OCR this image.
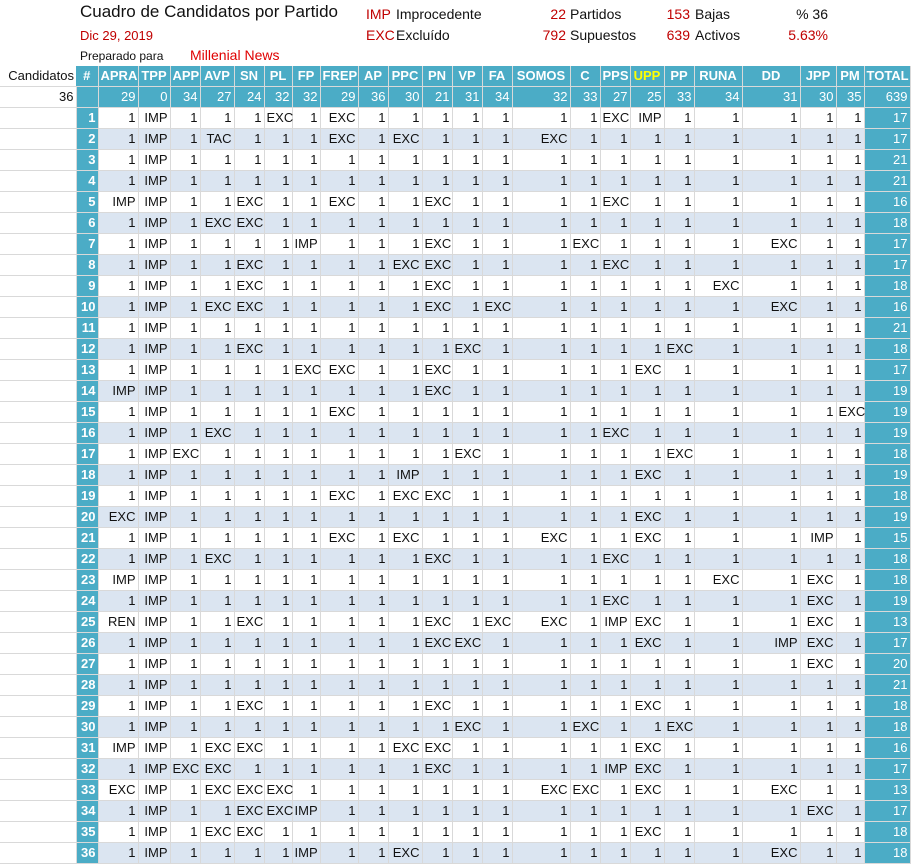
Cuadro de Candidatos por Partido
Dic 29, 2019
Preparado para Millenial News
IMP Improcedente
EXC Excluído
22 Partidos
792 Supuestos
153 Bajas
639 Activos
% 36
5.63%
Candidatos	#	APRA	TPP	APP	AVP	SN	PL	FP	FREP	AP	PPC	PN	VP	FA	SOMOS	C	PPS	UPP	PP	RUNA	DD	JPP	PM	TOTAL
36		29	0	34	27	24	32	32	29	36	30	21	31	34	32	33	27	25	33	34	31	30	35	639
	1	1	IMP	1	1	1	EXC	1	EXC	1	1	1	1	1	1	1	EXC	IMP	1	1	1	1	1	17
	2	1	IMP	1	TAC	1	1	1	EXC	1	EXC	1	1	1	EXC	1	1	1	1	1	1	1	1	17
	3	1	IMP	1	1	1	1	1	1	1	1	1	1	1	1	1	1	1	1	1	1	1	1	21
	4	1	IMP	1	1	1	1	1	1	1	1	1	1	1	1	1	1	1	1	1	1	1	1	21
	5	IMP	IMP	1	1	EXC	1	1	EXC	1	1	EXC	1	1	1	1	EXC	1	1	1	1	1	1	16
	6	1	IMP	1	EXC	EXC	1	1	1	1	1	1	1	1	1	1	1	1	1	1	1	1	1	18
	7	1	IMP	1	1	1	1	IMP	1	1	1	EXC	1	1	1	EXC	1	1	1	1	EXC	1	1	17
	8	1	IMP	1	1	EXC	1	1	1	1	EXC	EXC	1	1	1	1	EXC	1	1	1	1	1	1	17
	9	1	IMP	1	1	EXC	1	1	1	1	1	EXC	1	1	1	1	1	1	1	EXC	1	1	1	18
	10	1	IMP	1	EXC	EXC	1	1	1	1	1	EXC	1	EXC	1	1	1	1	1	1	EXC	1	1	16
	11	1	IMP	1	1	1	1	1	1	1	1	1	1	1	1	1	1	1	1	1	1	1	1	21
	12	1	IMP	1	1	EXC	1	1	1	1	1	1	EXC	1	1	1	1	1	EXC	1	1	1	1	18
	13	1	IMP	1	1	1	1	EXC	EXC	1	1	EXC	1	1	1	1	1	EXC	1	1	1	1	1	17
	14	IMP	IMP	1	1	1	1	1	1	1	1	EXC	1	1	1	1	1	1	1	1	1	1	1	19
	15	1	IMP	1	1	1	1	1	EXC	1	1	1	1	1	1	1	1	1	1	1	1	1	EXC	19
	16	1	IMP	1	EXC	1	1	1	1	1	1	1	1	1	1	1	EXC	1	1	1	1	1	1	19
	17	1	IMP	EXC	1	1	1	1	1	1	1	1	EXC	1	1	1	1	1	EXC	1	1	1	1	18
	18	1	IMP	1	1	1	1	1	1	1	IMP	1	1	1	1	1	1	EXC	1	1	1	1	1	19
	19	1	IMP	1	1	1	1	1	EXC	1	EXC	EXC	1	1	1	1	1	1	1	1	1	1	1	18
	20	EXC	IMP	1	1	1	1	1	1	1	1	1	1	1	1	1	1	EXC	1	1	1	1	1	19
	21	1	IMP	1	1	1	1	1	EXC	1	EXC	1	1	1	EXC	1	1	EXC	1	1	1	IMP	1	15
	22	1	IMP	1	EXC	1	1	1	1	1	1	EXC	1	1	1	1	EXC	1	1	1	1	1	1	18
	23	IMP	IMP	1	1	1	1	1	1	1	1	1	1	1	1	1	1	1	1	EXC	1	EXC	1	18
	24	1	IMP	1	1	1	1	1	1	1	1	1	1	1	1	1	EXC	1	1	1	1	EXC	1	19
	25	REN	IMP	1	1	EXC	1	1	1	1	1	EXC	1	EXC	EXC	1	IMP	EXC	1	1	1	EXC	1	13
	26	1	IMP	1	1	1	1	1	1	1	1	EXC	EXC	1	1	1	1	EXC	1	1	IMP	EXC	1	17
	27	1	IMP	1	1	1	1	1	1	1	1	1	1	1	1	1	1	1	1	1	1	EXC	1	20
	28	1	IMP	1	1	1	1	1	1	1	1	1	1	1	1	1	1	1	1	1	1	1	1	21
	29	1	IMP	1	1	EXC	1	1	1	1	1	EXC	1	1	1	1	1	EXC	1	1	1	1	1	18
	30	1	IMP	1	1	1	1	1	1	1	1	1	EXC	1	1	EXC	1	1	EXC	1	1	1	1	18
	31	IMP	IMP	1	EXC	EXC	1	1	1	1	EXC	EXC	1	1	1	1	1	EXC	1	1	1	1	1	16
	32	1	IMP	EXC	EXC	1	1	1	1	1	1	EXC	1	1	1	1	IMP	EXC	1	1	1	1	1	17
	33	EXC	IMP	1	EXC	EXC	EXC	1	1	1	1	1	1	1	EXC	EXC	1	EXC	1	1	EXC	1	1	13
	34	1	IMP	1	1	EXC	EXC	IMP	1	1	1	1	1	1	1	1	1	1	1	1	1	EXC	1	17
	35	1	IMP	1	EXC	EXC	1	1	1	1	1	1	1	1	1	1	1	EXC	1	1	1	1	1	18
	36	1	IMP	1	1	1	1	IMP	1	1	EXC	1	1	1	1	1	1	1	1	1	EXC	1	1	18
